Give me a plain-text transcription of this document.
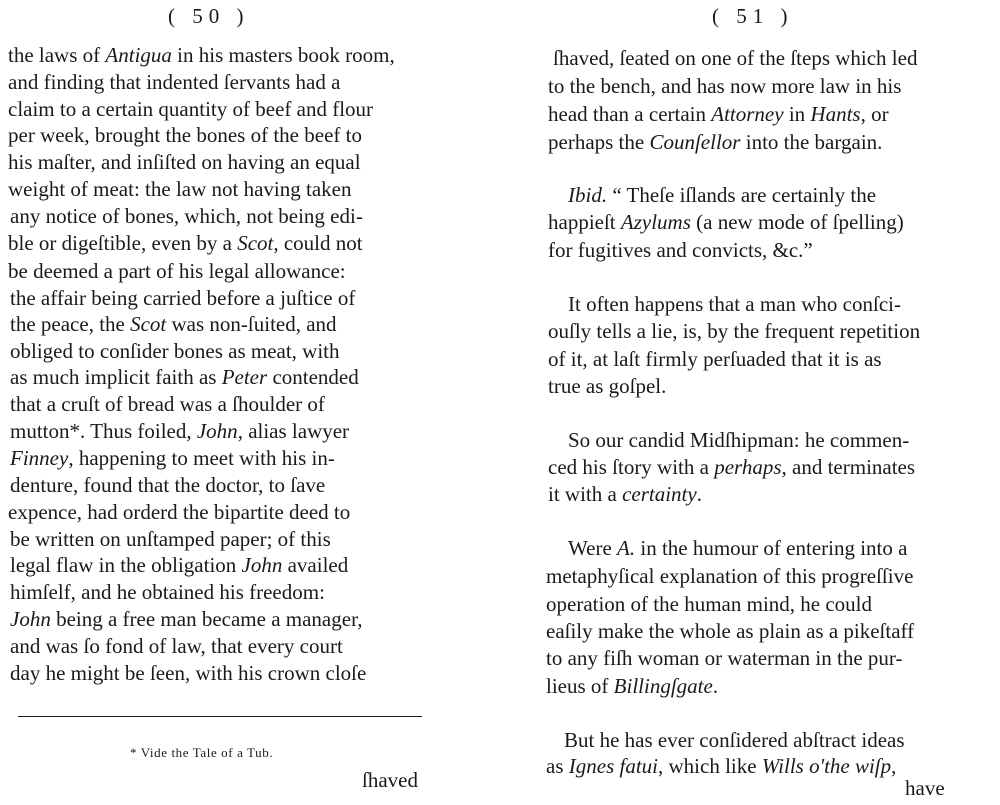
( 50 )
the laws of Antigua in his masters book room,
and finding that indented ſervants had a
claim to a certain quantity of beef and flour
per week, brought the bones of the beef to
his maſter, and inſiſted on having an equal
weight of meat: the law not having taken
any notice of bones, which, not being edi-
ble or digeſtible, even by a Scot, could not
be deemed a part of his legal allowance:
the affair being carried before a juſtice of
the peace, the Scot was non-ſuited, and
obliged to conſider bones as meat, with
as much implicit faith as Peter contended
that a cruſt of bread was a ſhoulder of
mutton*. Thus foiled, John, alias lawyer
Finney, happening to meet with his in-
denture, found that the doctor, to ſave
expence, had orderd the bipartite deed to
be written on unſtamped paper; of this
legal flaw in the obligation John availed
himſelf, and he obtained his freedom:
John being a free man became a manager,
and was ſo fond of law, that every court
day he might be ſeen, with his crown cloſe
* Vide the Tale of a Tub.
ſhaved
( 51 )
ſhaved, ſeated on one of the ſteps which led
to the bench, and has now more law in his
head than a certain Attorney in Hants, or
perhaps the Counſellor into the bargain.
Ibid. “ Theſe iſlands are certainly the
happieſt Azylums (a new mode of ſpelling)
for fugitives and convicts, &c.”
It often happens that a man who conſci-
ouſly tells a lie, is, by the frequent repetition
of it, at laſt firmly perſuaded that it is as
true as goſpel.
So our candid Midſhipman: he commen-
ced his ſtory with a perhaps, and terminates
it with a certainty.
Were A. in the humour of entering into a
metaphyſical explanation of this progreſſive
operation of the human mind, he could
eaſily make the whole as plain as a pikeſtaff
to any fiſh woman or waterman in the pur-
lieus of Billingſgate.
But he has ever conſidered abſtract ideas
as Ignes fatui, which like Wills o'the wiſp,
have
